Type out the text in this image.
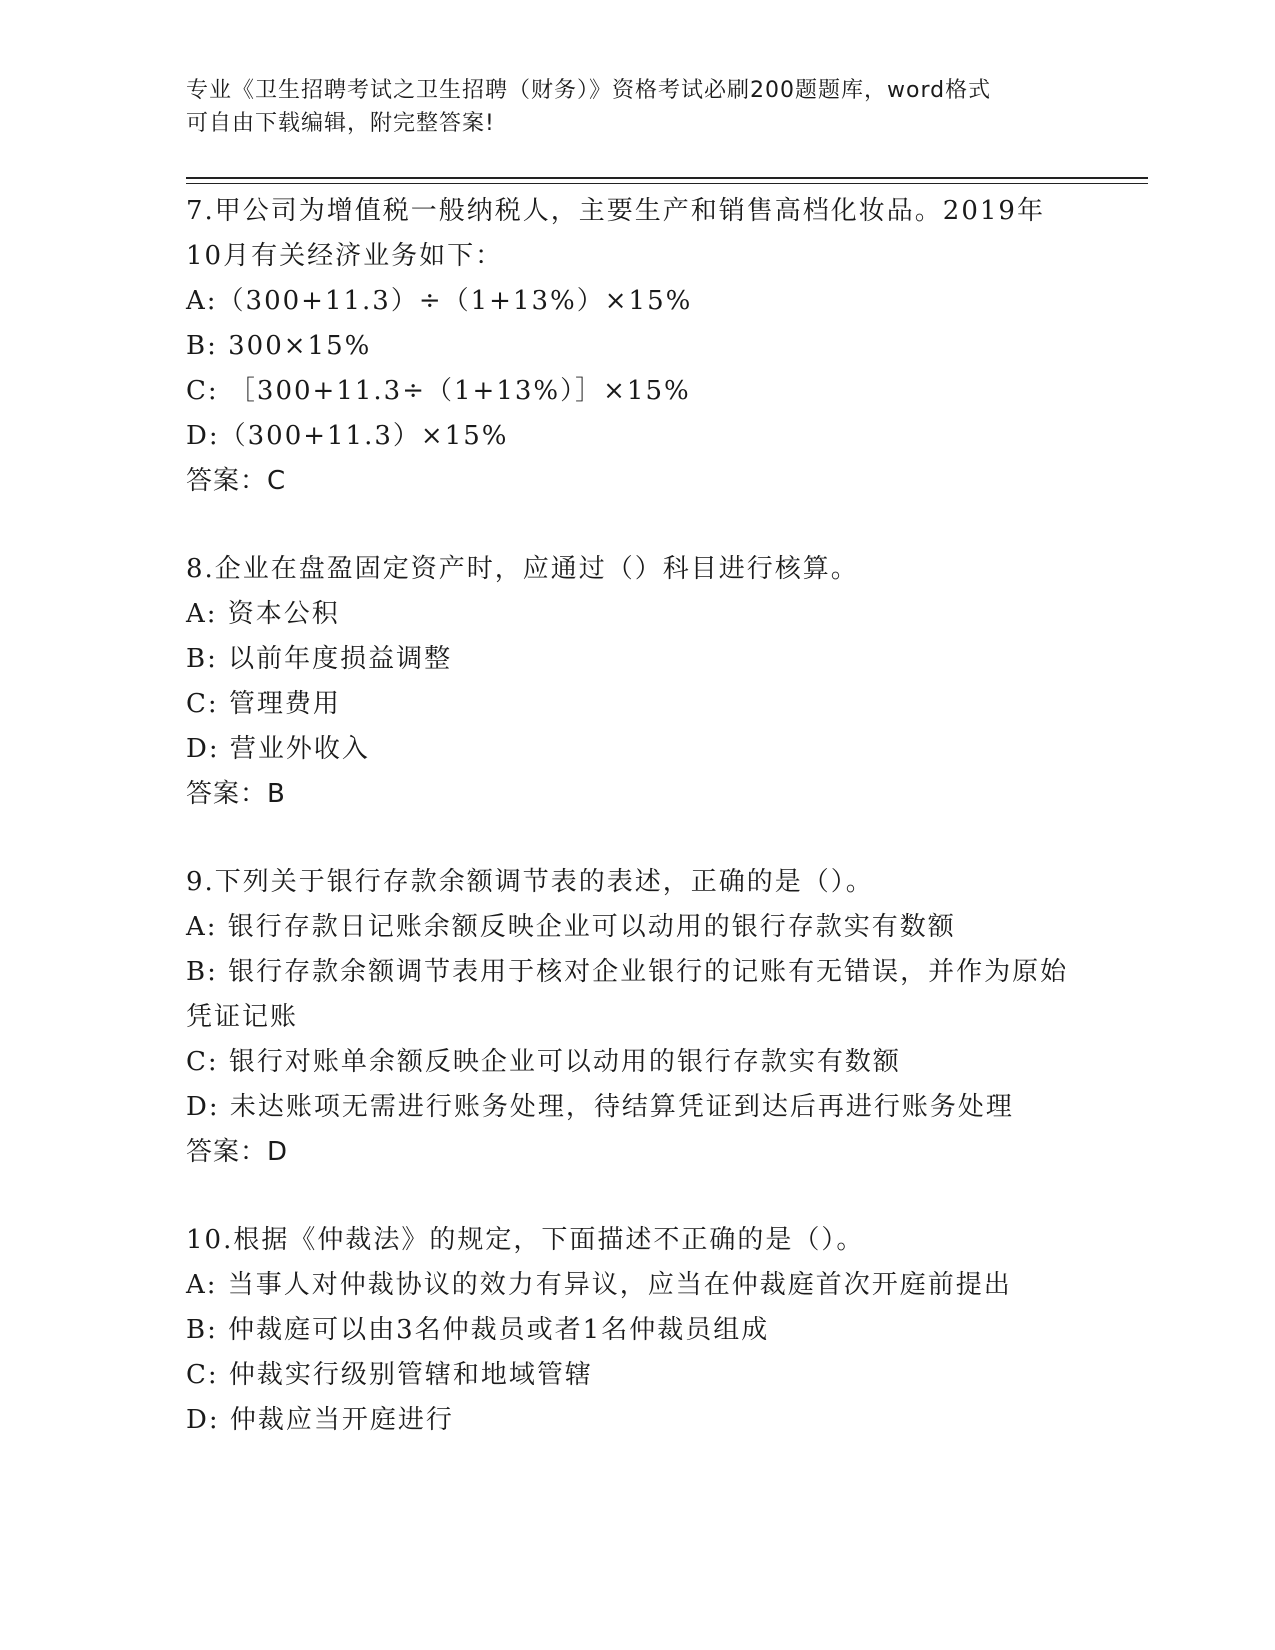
专业《卫生招聘考试之卫生招聘（财务）》资格考试必刷200题题库，word格式
可自由下载编辑，附完整答案!

7.甲公司为增值税一般纳税人，主要生产和销售高档化妆品。2019年

10月有关经济业务如下：

A:（300+11.3）÷（1+13%）×15%
B: 300×15%
C: ［300+11.3÷（1+13%）］×15%
D:（300+11.3）×15%

答案：C

8.企业在盘盈固定资产时，应通过（）科目进行核算。

A: 资本公积
B: 以前年度损益调整
C: 管理费用
D: 营业外收入

答案：B

9.下列关于银行存款余额调节表的表述，正确的是（）。

A: 银行存款日记账余额反映企业可以动用的银行存款实有数额
B: 银行存款余额调节表用于核对企业银行的记账有无错误，并作为原始凭证记账
C: 银行对账单余额反映企业可以动用的银行存款实有数额
D: 未达账项无需进行账务处理，待结算凭证到达后再进行账务处理

答案：D

10.根据《仲裁法》的规定，下面描述不正确的是（）。

A: 当事人对仲裁协议的效力有异议，应当在仲裁庭首次开庭前提出
B: 仲裁庭可以由3名仲裁员或者1名仲裁员组成
C: 仲裁实行级别管辖和地域管辖
D: 仲裁应当开庭进行
